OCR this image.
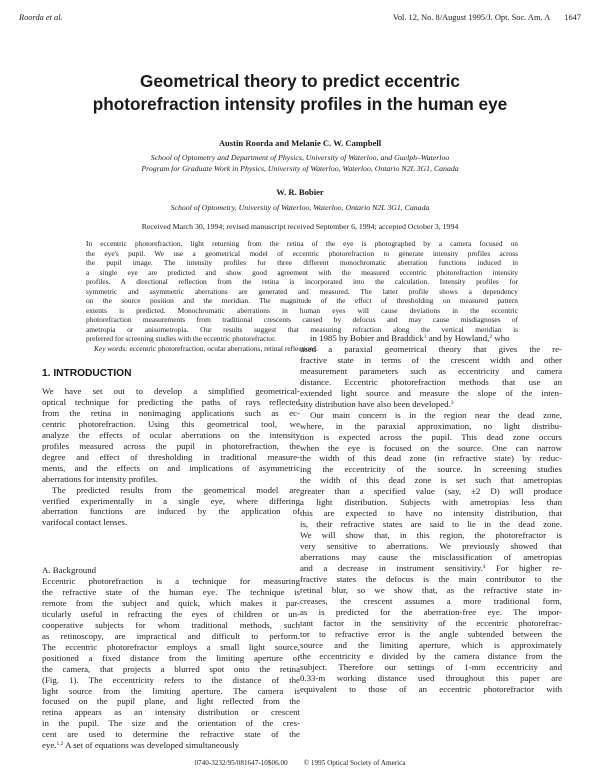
Roorda et al.	Vol. 12, No. 8/August 1995/J. Opt. Soc. Am. A 1647
Geometrical theory to predict eccentric
photorefraction intensity profiles in the human eye
Austin Roorda and Melanie C. W. Campbell
School of Optometry and Department of Physics, University of Waterloo, and Guelph–Waterloo
Program for Graduate Work in Physics, University of Waterloo, Waterloo, Ontario N2L 3G1, Canada
W. R. Bobier
School of Optometry, University of Waterloo, Waterloo, Ontario N2L 3G1, Canada
Received March 30, 1994; revised manuscript received September 6, 1994; accepted October 3, 1994
In eccentric photorefraction, light returning from the retina of the eye is photographed by a camera focused on
the eye's pupil. We use a geometrical model of eccentric photorefraction to generate intensity profiles across
the pupil image. The intensity profiles for three different monochromatic aberration functions induced in
a single eye are predicted and show good agreement with the measured eccentric photorefraction intensity
profiles. A directional reflection from the retina is incorporated into the calculation. Intensity profiles for
symmetric and asymmetric aberrations are generated and measured. The latter profile shows a dependency
on the source position and the meridian. The magnitude of the effect of thresholding on measured pattern
extents is predicted. Monochromatic aberrations in human eyes will cause deviations in the eccentric
photorefraction measurements from traditional crescents caused by defocus and may cause misdiagnoses of
ametropia or anisometropia. Our results suggest that measuring refraction along the vertical meridian is
preferred for screening studies with the eccentric photorefractor.
Key words: eccentric photorefraction, ocular aberrations, retinal reflections.
1. INTRODUCTION
We have set out to develop a simplified geometrical-
optical technique for predicting the paths of rays reflected
from the retina in nonimaging applications such as ec-
centric photorefraction. Using this geometrical tool, we
analyze the effects of ocular aberrations on the intensity
profiles measured across the pupil in photorefraction, the
degree and effect of thresholding in traditional measure-
ments, and the effects on and implications of asymmetric
aberrations for intensity profiles.
The predicted results from the geometrical model are
verified experimentally in a single eye, where differing
aberration functions are induced by the application of
varifocal contact lenses.
A. Background
Eccentric photorefraction is a technique for measuring
the refractive state of the human eye. The technique is
remote from the subject and quick, which makes it par-
ticularly useful in refracting the eyes of children or un-
cooperative subjects for whom traditional methods, such
as retinoscopy, are impractical and difficult to perform.
The eccentric photorefractor employs a small light source,
positioned a fixed distance from the limiting aperture of
the camera, that projects a blurred spot onto the retina
(Fig. 1). The eccentricity refers to the distance of the
light source from the limiting aperture. The camera is
focused on the pupil plane, and light reflected from the
retina appears as an intensity distribution or crescent
in the pupil. The size and the orientation of the cres-
cent are used to determine the refractive state of the
eye.$^{1,2}$ A set of equations was developed simultaneously
in 1985 by Bobier and Braddick$^1$ and by Howland,$^2$ who
used a paraxial geometrical theory that gives the re-
fractive state in terms of the crescent width and other
measurement parameters such as eccentricity and camera
distance. Eccentric photorefraction methods that use an
extended light source and measure the slope of the inten-
sity distribution have also been developed.$^3$
Our main concern is in the region near the dead zone,
where, in the paraxial approximation, no light distribu-
tion is expected across the pupil. This dead zone occurs
when the eye is focused on the source. One can narrow
the width of this dead zone (in refractive state) by reduc-
ing the eccentricity of the source. In screening studies
the width of this dead zone is set such that ametropias
greater than a specified value (say, ±2 D) will produce
a light distribution. Subjects with ametropias less than
this are expected to have no intensity distribution, that
is, their refractive states are said to lie in the dead zone.
We will show that, in this region, the photorefractor is
very sensitive to aberrations. We previously showed that
aberrations may cause the misclassification of ametropias
and a decrease in instrument sensitivity.$^4$ For higher re-
fractive states the defocus is the main contributor to the
retinal blur, so we show that, as the refractive state in-
creases, the crescent assumes a more traditional form,
as is predicted for the aberration-free eye. The impor-
tant factor in the sensitivity of the eccentric photorefrac-
tor to refractive error is the angle subtended between the
source and the limiting aperture, which is approximately
the eccentricity e divided by the camera distance from the
subject. Therefore our settings of 1-mm eccentricity and
0.33-m working distance used throughout this paper are
equivalent to those of an eccentric photorefractor with
0740-3232/95/081647-10$06.00 © 1995 Optical Society of America
